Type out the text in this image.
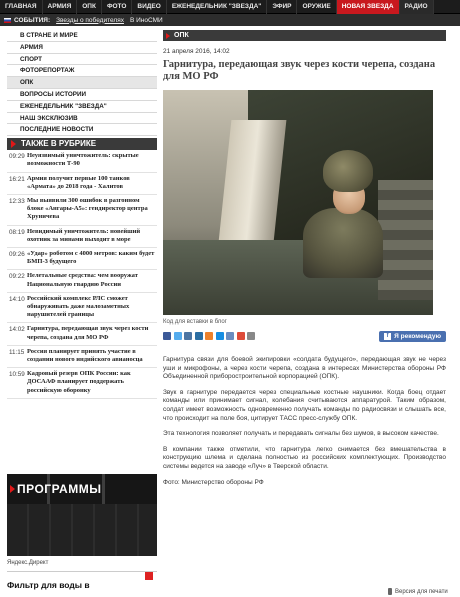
ГЛАВНАЯ	АРМИЯ	ОПК	ФОТО	ВИДЕО	ЕЖЕНЕДЕЛЬНИК "ЗВЕЗДА"	ЭФИР	ОРУЖИЕ	НОВАЯ ЗВЕЗДА	РАДИО
СОБЫТИЯ: Звезды о победителях В ИноСМИ
В СТРАНЕ И МИРЕ
АРМИЯ
СПОРТ
ФОТОРЕПОРТАЖ
ОПК
ВОПРОСЫ ИСТОРИИ
ЕЖЕНЕДЕЛЬНИК "ЗВЕЗДА"
НАШ ЭКСКЛЮЗИВ
ПОСЛЕДНИЕ НОВОСТИ
ТАКЖЕ В РУБРИКЕ
09:29 Неуязвимый уничтожитель: скрытые возможности Т-90
16:21 Армия получит первые 100 танков «Армата» до 2018 года - Халитов
12:33 Мы выявили 300 ошибок в разгонном блоке «Ангары-А5»: гендиректор центра Хруничева
08:19 Невидимый уничтожитель: новейший охотник за минами выходит в море
09:26 «Удар» роботом с 4000 метров: каким будет БМП-3 будущего
09:22 Нелетальные средства: чем вооружат Национальную гвардию России
14:10 Российский комплекс РЛС сможет обнаруживать даже малозаметных нарушителей границы
14:02 Гарнитура, передающая звук через кости черепа, создана для МО РФ
11:15 Россия планирует принять участие в создании нового индийского авианосца
10:59 Кадровый резерв ОПК России: как ДОСААФ планирует поддержать российскую оборонку
ПРОГРАММЫ
Яндекс.Директ
Фильтр для воды в
ОПК
21 апреля 2016, 14:02
Гарнитура, передающая звук через кости черепа, создана для МО РФ
Код для вставки в блог
f Я рекомендую

Гарнитура связи для боевой экипировки «солдата будущего», передающая звук не через уши и микрофоны, а через кости черепа, создана в интересах Министерства обороны РФ Объединенной приборостроительной корпорацией (ОПК).

Звук в гарнитуре передается через специальные костные наушники. Когда боец отдает команды или принимает сигнал, колебания считываются аппаратурой. Таким образом, солдат имеет возможность одновременно получать команды по радиосвязи и слышать все, что происходит на поле боя, цитирует ТАСС пресс-службу ОПК.

Эта технология позволяет получать и передавать сигналы без шумов, в высоком качестве.

В компании также отметили, что гарнитура легко снимается без вмешательства в конструкцию шлема и сделана полностью из российских комплектующих. Производство системы ведется на заводе «Луч» в Тверской области.

Фото: Министерство обороны РФ

Версия для печати
